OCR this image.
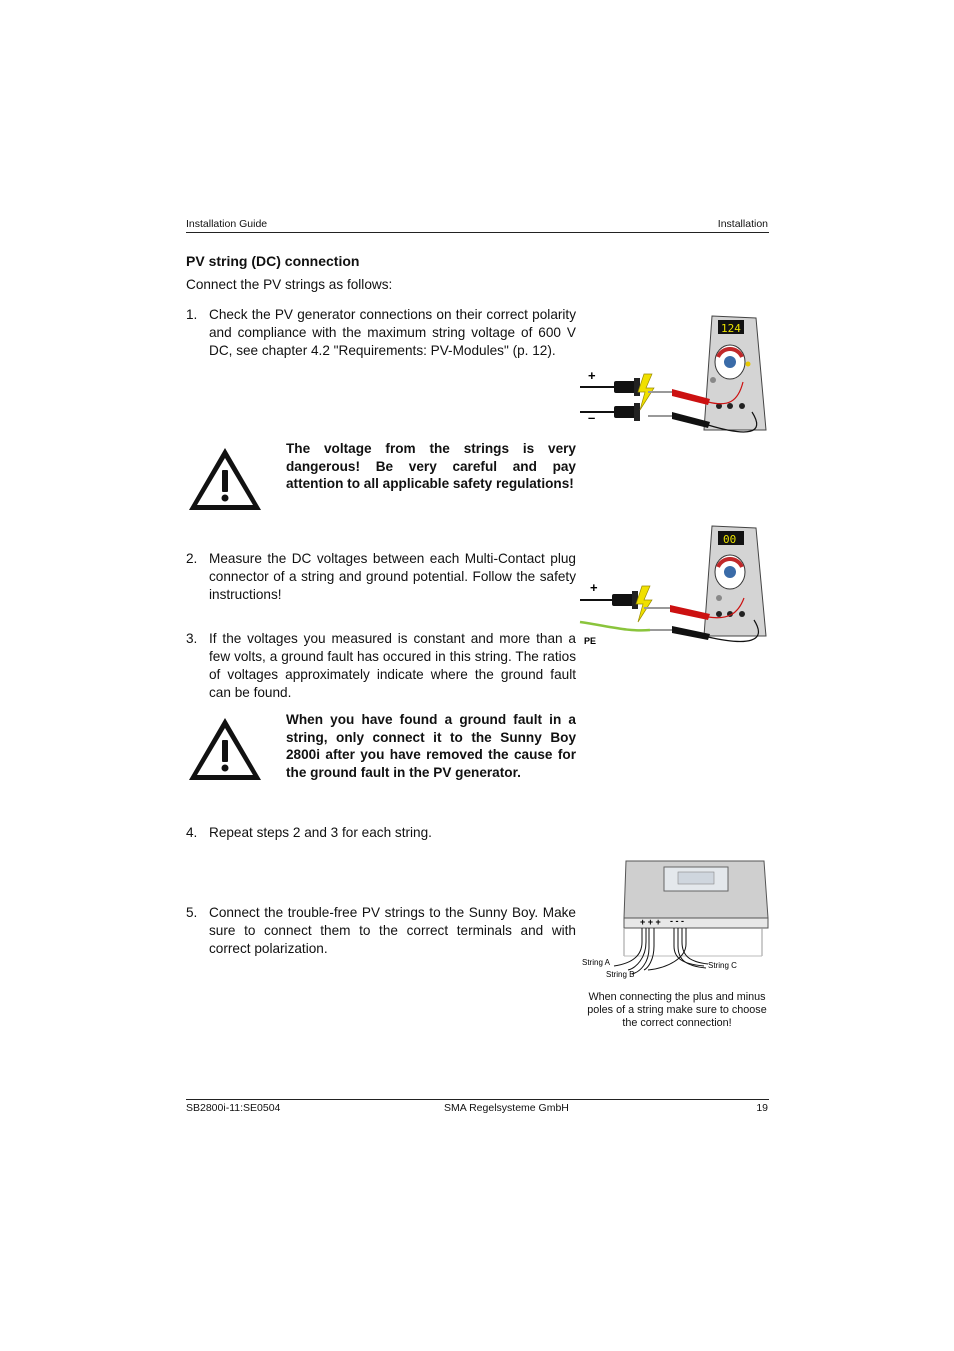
Installation Guide	Installation
PV string (DC) connection
Connect the PV strings as follows:
1. Check the PV generator connections on their correct polarity and compliance with the maximum string voltage of 600 V DC, see chapter 4.2 "Requirements: PV-Modules" (p. 12).
124
+
–
The voltage from the strings is very dangerous! Be very careful and pay attention to all applicable safety regulations!
2. Measure the DC voltages between each Multi-Contact plug connector of a string and ground potential. Follow the safety instructions!
00
+
PE
3. If the voltages you measured is constant and more than a few volts, a ground fault has occured in this string. The ratios of voltages approximately indicate where the ground fault can be found.
When you have found a ground fault in a string, only connect it to the Sunny Boy 2800i after you have removed the cause for the ground fault in the PV generator.
4. Repeat steps 2 and 3 for each string.
+ + + - - -
String A
String B
String C
5. Connect the trouble-free PV strings to the Sunny Boy. Make sure to connect them to the correct terminals and with correct polarization.
When connecting the plus and minus poles of a string make sure to choose the correct connection!
SB2800i-11:SE0504	SMA Regelsysteme GmbH	19
